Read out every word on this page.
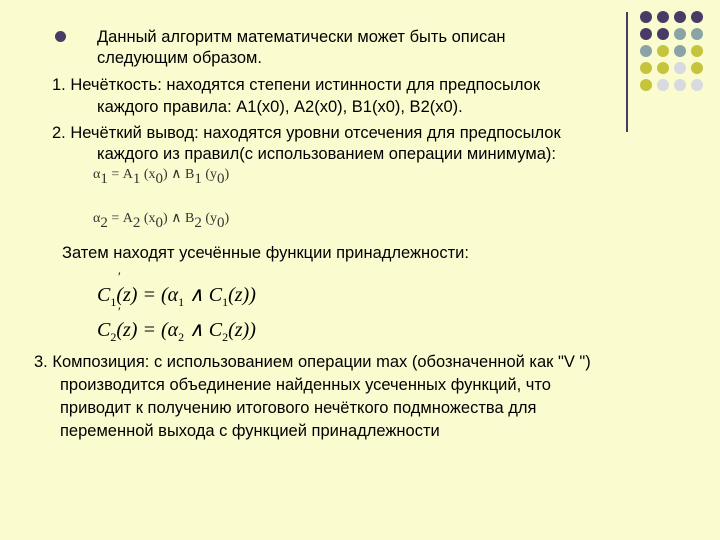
Данный алгоритм математически может быть описан
следующим образом.
1. Нечёткость: находятся степени истинности для предпосылок
каждого правила: А1(x0), А2(x0), В1(x0), В2(x0).
2. Нечёткий вывод: находятся уровни отсечения для предпосылок
каждого из правил(с использованием операции минимума):
$\alpha_1 = A_1$ $(x_0)$ ∧ $B_1$ $(y_0)$
$\alpha_2 = A_2$ $(x_0)$ ∧ $B_2$ $(y_0)$
Затем находят усечённые функции принадлежности:
$C_1$
′
$(z) = (\alpha_1$ ∧ $C_1(z)$)
$C_2$
′
$(z) = (\alpha_2$ ∧ $C_2(z)$)
3. Композиция: с использованием операции max (обозначенной как "V ")
производится объединение найденных усеченных функций, что
приводит к получению итогового нечёткого подмножества для
переменной выхода с функцией принадлежности
